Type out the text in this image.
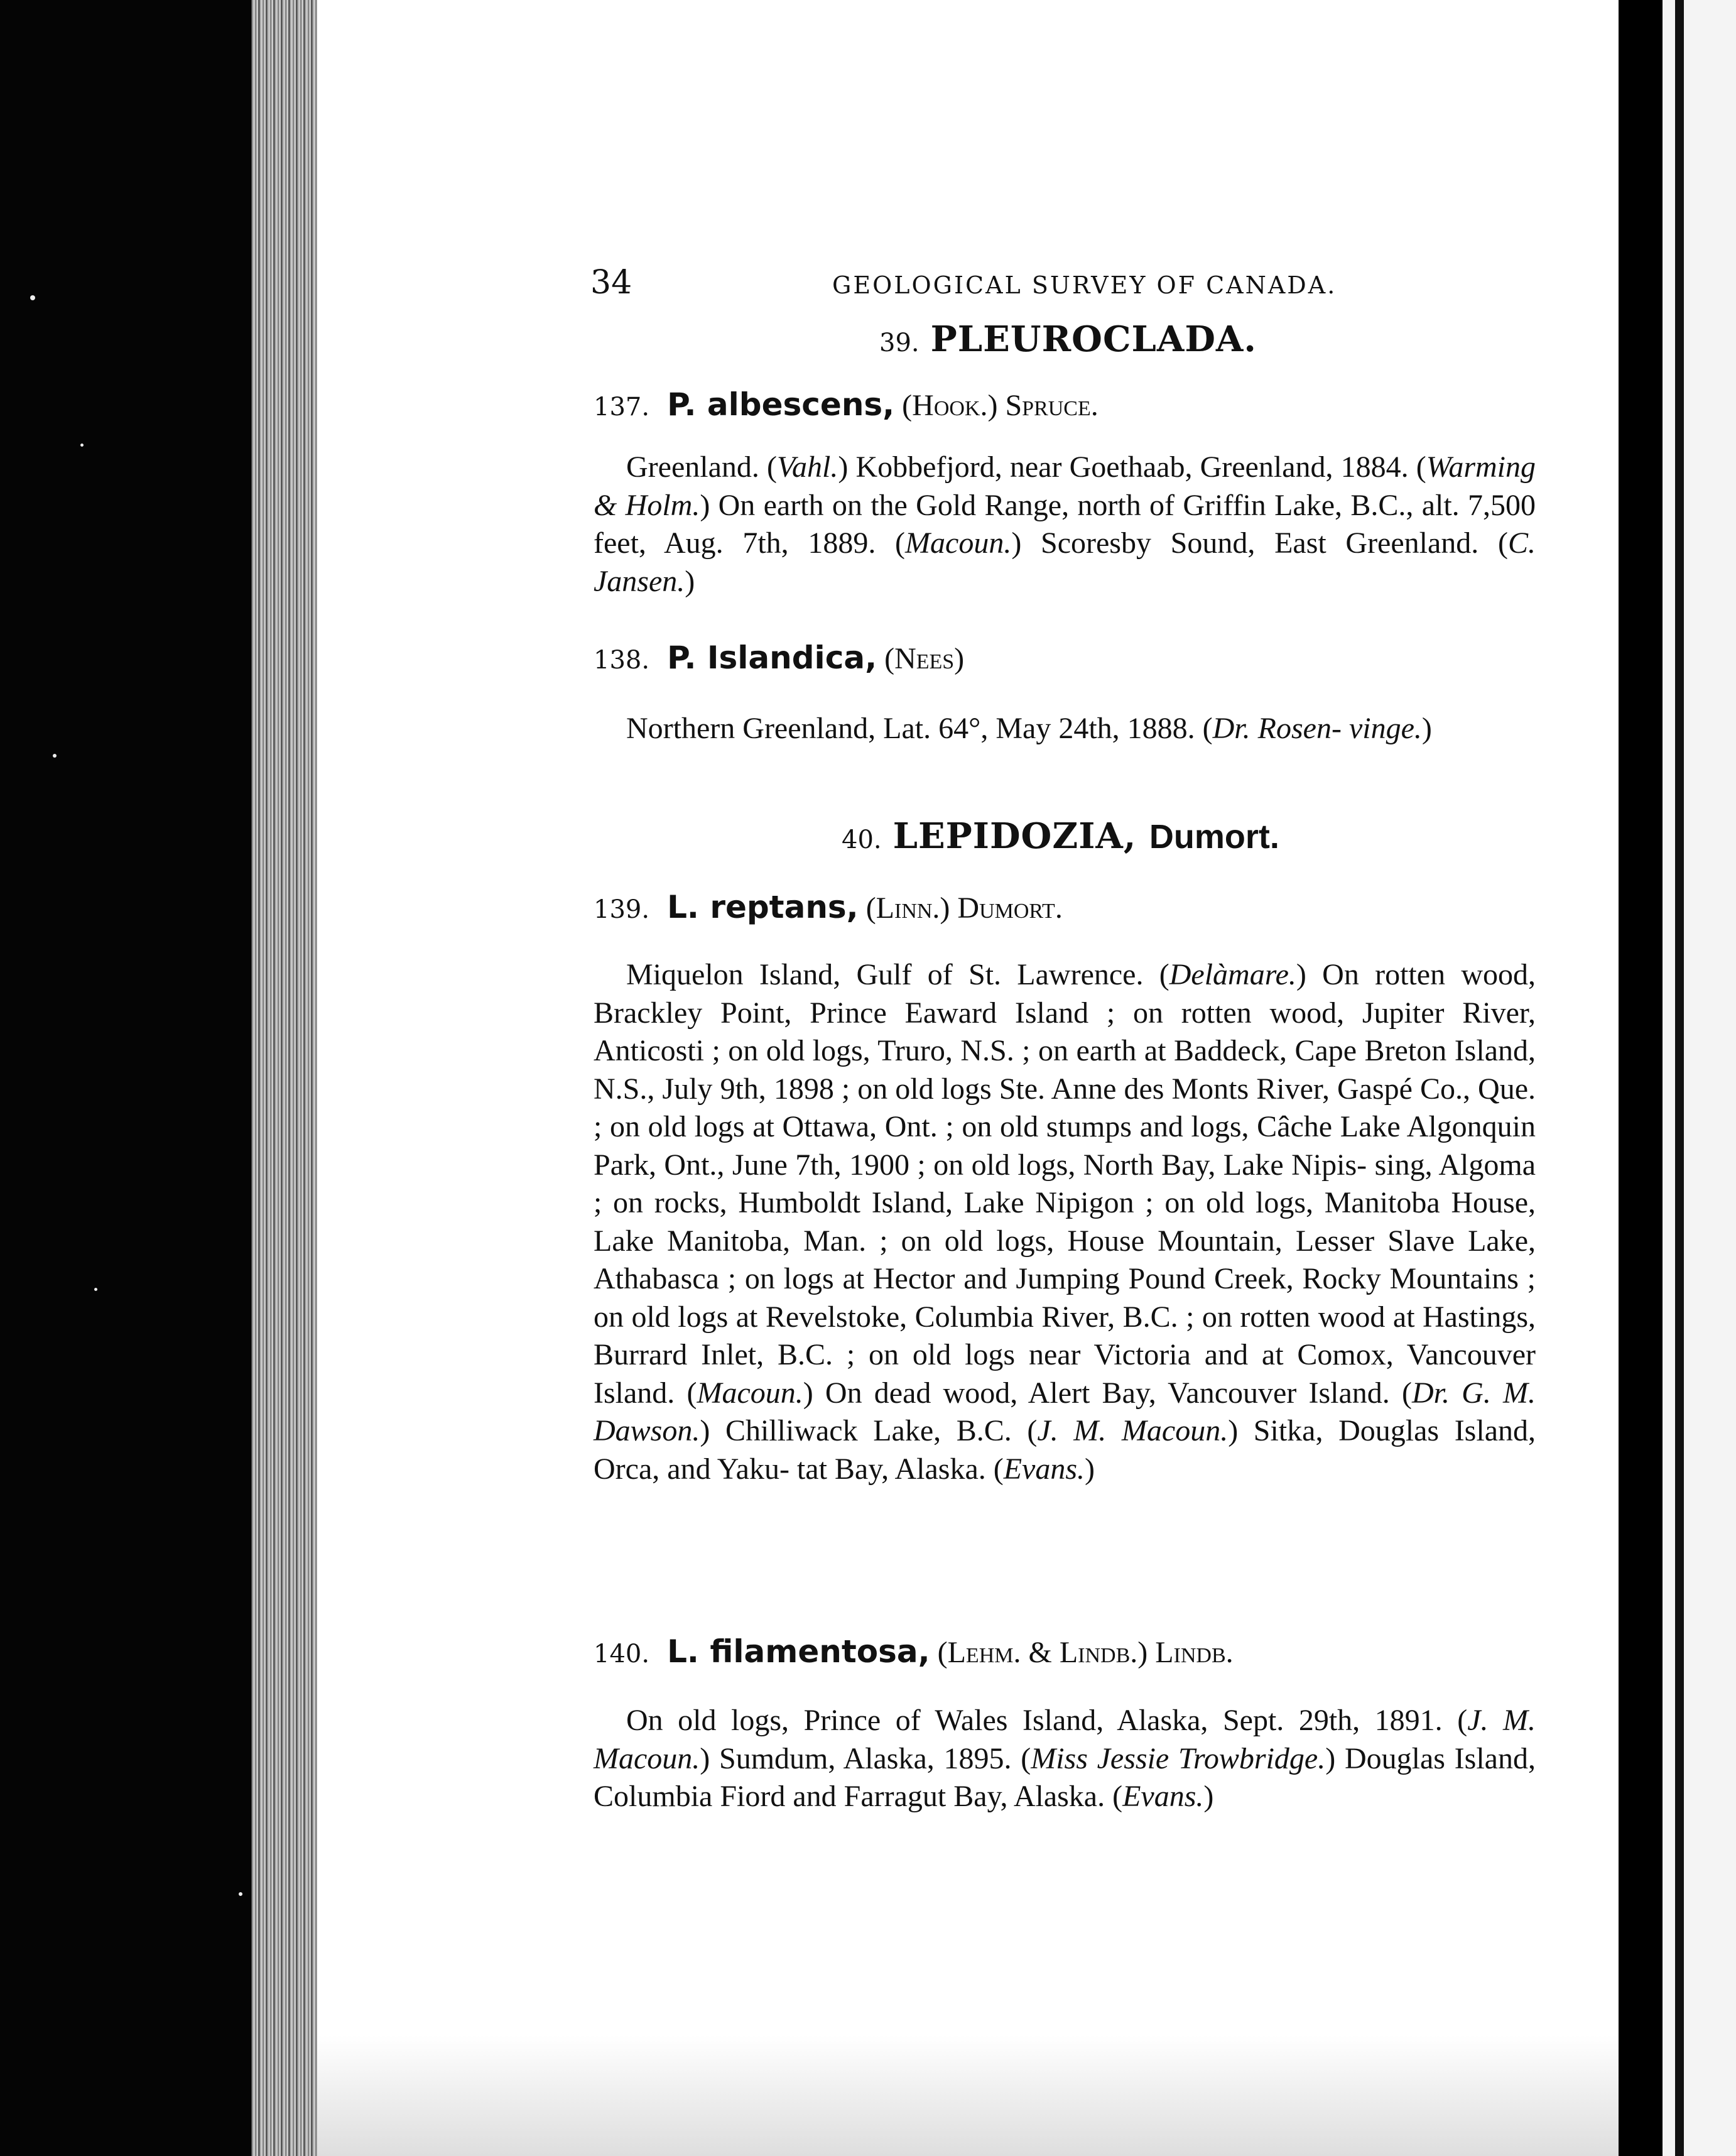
34	GEOLOGICAL SURVEY OF CANADA.
39. PLEUROCLADA.
137. P. albescens, (Hook.) Spruce.
Greenland. (Vahl.) Kobbefjord, near Goethaab, Greenland, 1884. (Warming & Holm.) On earth on the Gold Range, north of Griffin Lake, B.C., alt. 7,500 feet, Aug. 7th, 1889. (Macoun.) Scoresby Sound, East Greenland. (C. Jansen.)
138. P. Islandica, (Nees)
Northern Greenland, Lat. 64°, May 24th, 1888. (Dr. Rosen- vinge.)
40. LEPIDOZIA, Dumort.
139. L. reptans, (Linn.) Dumort.
Miquelon Island, Gulf of St. Lawrence. (Delàmare.) On rotten wood, Brackley Point, Prince Eaward Island ; on rotten wood, Jupiter River, Anticosti ; on old logs, Truro, N.S. ; on earth at Baddeck, Cape Breton Island, N.S., July 9th, 1898 ; on old logs Ste. Anne des Monts River, Gaspé Co., Que. ; on old logs at Ottawa, Ont. ; on old stumps and logs, Câche Lake Algonquin Park, Ont., June 7th, 1900 ; on old logs, North Bay, Lake Nipis- sing, Algoma ; on rocks, Humboldt Island, Lake Nipigon ; on old logs, Manitoba House, Lake Manitoba, Man. ; on old logs, House Mountain, Lesser Slave Lake, Athabasca ; on logs at Hector and Jumping Pound Creek, Rocky Mountains ; on old logs at Revelstoke, Columbia River, B.C. ; on rotten wood at Hastings, Burrard Inlet, B.C. ; on old logs near Victoria and at Comox, Vancouver Island. (Macoun.) On dead wood, Alert Bay, Vancouver Island. (Dr. G. M. Dawson.) Chilliwack Lake, B.C. (J. M. Macoun.) Sitka, Douglas Island, Orca, and Yaku- tat Bay, Alaska. (Evans.)
140. L. filamentosa, (Lehm. & Lindb.) Lindb.
On old logs, Prince of Wales Island, Alaska, Sept. 29th, 1891. (J. M. Macoun.) Sumdum, Alaska, 1895. (Miss Jessie Trowbridge.) Douglas Island, Columbia Fiord and Farragut Bay, Alaska. (Evans.)
